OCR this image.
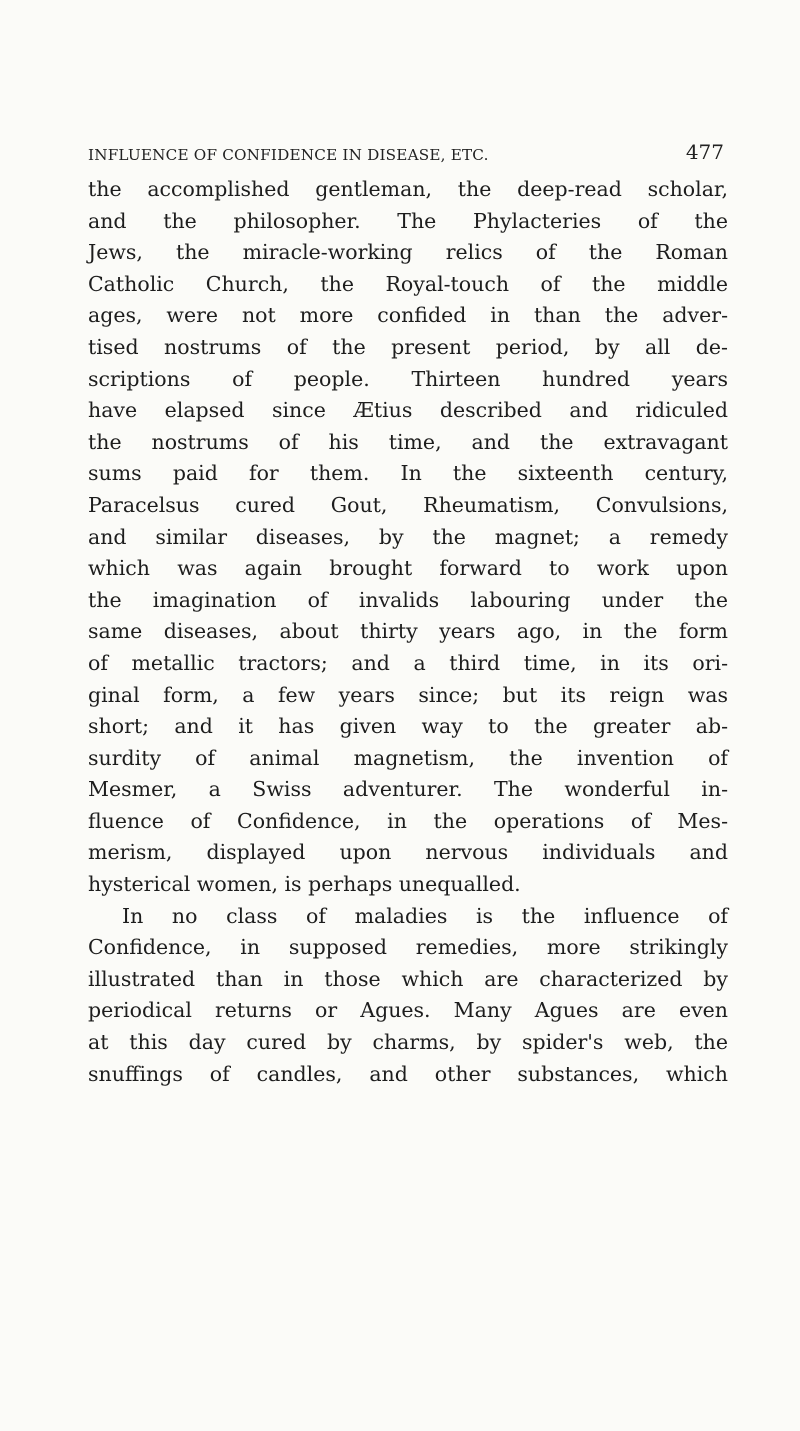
INFLUENCE OF CONFIDENCE IN DISEASE, ETC.	477
the accomplished gentleman, the deep-read scholar,
and the philosopher. The Phylacteries of the
Jews, the miracle-working relics of the Roman
Catholic Church, the Royal-touch of the middle
ages, were not more confided in than the adver-
tised nostrums of the present period, by all de-
scriptions of people. Thirteen hundred years
have elapsed since Ætius described and ridiculed
the nostrums of his time, and the extravagant
sums paid for them. In the sixteenth century,
Paracelsus cured Gout, Rheumatism, Convulsions,
and similar diseases, by the magnet; a remedy
which was again brought forward to work upon
the imagination of invalids labouring under the
same diseases, about thirty years ago, in the form
of metallic tractors; and a third time, in its ori-
ginal form, a few years since; but its reign was
short; and it has given way to the greater ab-
surdity of animal magnetism, the invention of
Mesmer, a Swiss adventurer. The wonderful in-
fluence of Confidence, in the operations of Mes-
merism, displayed upon nervous individuals and
hysterical women, is perhaps unequalled.
In no class of maladies is the influence of
Confidence, in supposed remedies, more strikingly
illustrated than in those which are characterized by
periodical returns or Agues. Many Agues are even
at this day cured by charms, by spider's web, the
snuffings of candles, and other substances, which
